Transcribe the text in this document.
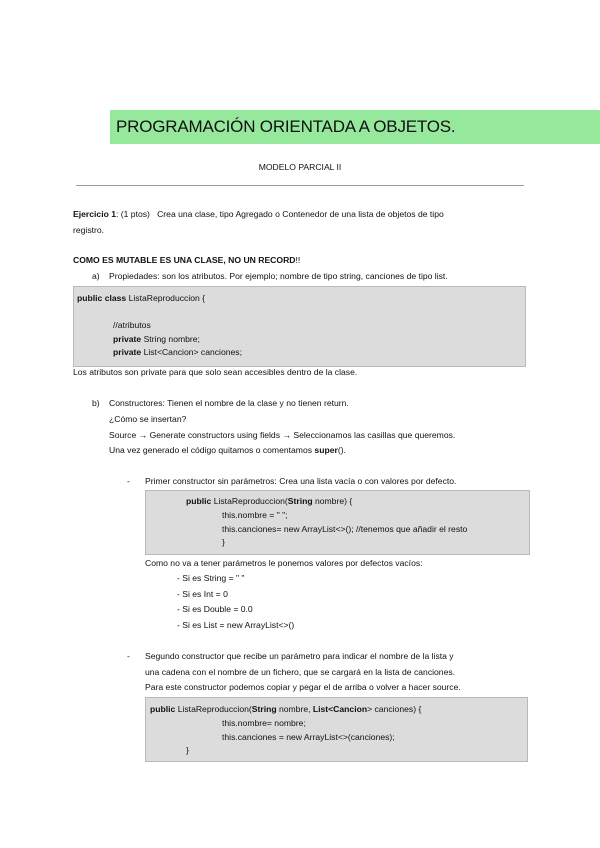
PROGRAMACIÓN ORIENTADA A OBJETOS.
MODELO PARCIAL II
Ejercicio 1: (1 ptos) Crea una clase, tipo Agregado o Contenedor de una lista de objetos de tipo
registro.
COMO ES MUTABLE ES UNA CLASE, NO UN RECORD!!
a) Propiedades: son los atributos. Por ejemplo; nombre de tipo string, canciones de tipo list.
public class ListaReproduccion {
//atributos
private String nombre;
private List<Cancion> canciones;
Los atributos son private para que solo sean accesibles dentro de la clase.
b) Constructores: Tienen el nombre de la clase y no tienen return.
¿Cómo se insertan?
Source → Generate constructors using fields → Seleccionamos las casillas que queremos.
Una vez generado el código quitamos o comentamos super().
- Primer constructor sin parámetros: Crea una lista vacía o con valores por defecto.
public ListaReproduccion(String nombre) {
this.nombre = " ";
this.canciones= new ArrayList<>(); //tenemos que añadir el resto
}
Como no va a tener parámetros le ponemos valores por defectos vacíos:
- Si es String = " "
- Si es Int = 0
- Si es Double = 0.0
- Si es List = new ArrayList<>()
- Segundo constructor que recibe un parámetro para indicar el nombre de la lista y
una cadena con el nombre de un fichero, que se cargará en la lista de canciones.
Para este constructor podemos copiar y pegar el de arriba o volver a hacer source.
public ListaReproduccion(String nombre, List<Cancion> canciones) {
this.nombre= nombre;
this.canciones = new ArrayList<>(canciones);
}
